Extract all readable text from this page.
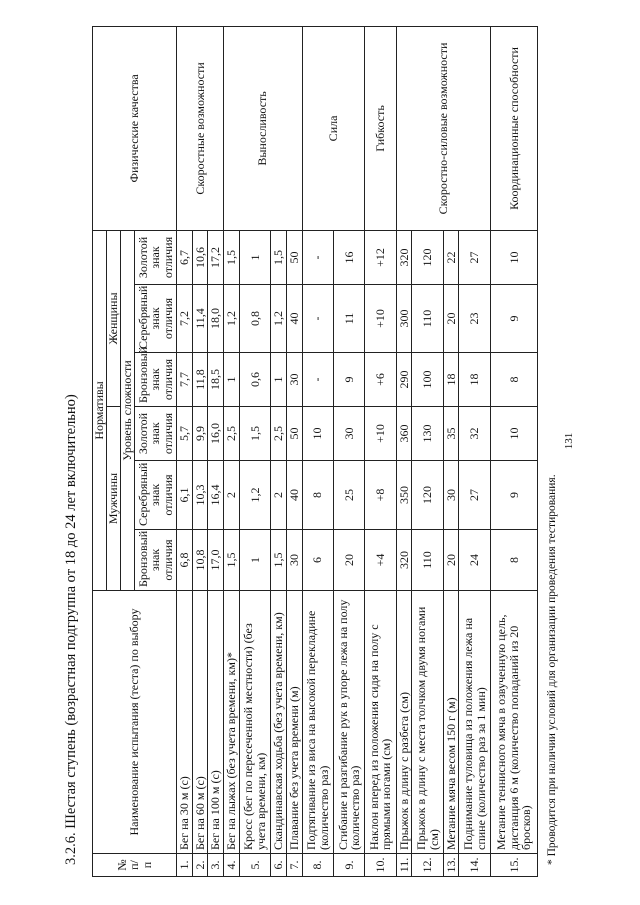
131
3.2.6. Шестая ступень (возрастная подгруппа от 18 до 24 лет включительно)
№ п/п	Наименование испытания (теста) по выбору	Нормативы						Физические качества
		Мужчины			Женщины			
		Уровень сложности						
		Бронзовый знак отличия	Серебряный знак отличия	Золотой знак отличия	Бронзовый знак отличия	Серебряный знак отличия	Золотой знак отличия	
1.	Бег на 30 м (с)	6,8	6,1	5,7	7,7	7,2	6,7	Скоростные возможности
2.	Бег на 60 м (с)	10,8	10,3	9,9	11,8	11,4	10,6	
3.	Бег на 100 м (с)	17,0	16,4	16,0	18,5	18,0	17,2	
4.	Бег на лыжах (без учета времени, км)*	1,5	2	2,5	1	1,2	1,5	Выносливость
5.	Кросс (бег по пересеченной местности) (без учета времени, км)	1	1,2	1,5	0,6	0,8	1	
6.	Скандинавская ходьба (без учета времени, км)	1,5	2	2,5	1	1,2	1,5	
7.	Плавание без учета времени (м)	30	40	50	30	40	50	
8.	Подтягивание из виса на высокой перекладине (количество раз)	6	8	10	-	-	-	Сила
9.	Сгибание и разгибание рук в упоре лежа на полу (количество раз)	20	25	30	9	11	16	
10.	Наклон вперед из положения сидя на полу с прямыми ногами (см)	+4	+8	+10	+6	+10	+12	Гибкость
11.	Прыжок в длину с разбега (см)	320	350	360	290	300	320	Скоростно-силовые возможности
12.	Прыжок в длину с места толчком двумя ногами (см)	110	120	130	100	110	120	
13.	Метание мяча весом 150 г (м)	20	30	35	18	20	22	
14.	Поднимание туловища из положения лежа на спине (количество раз за 1 мин)	24	27	32	18	23	27	
15.	Метание теннисного мяча в озвученную цель, дистанция 6 м (количество попаданий из 20 бросков)	8	9	10	8	9	10	Координационные способности
* Проводится при наличии условий для организации проведения тестирования.
